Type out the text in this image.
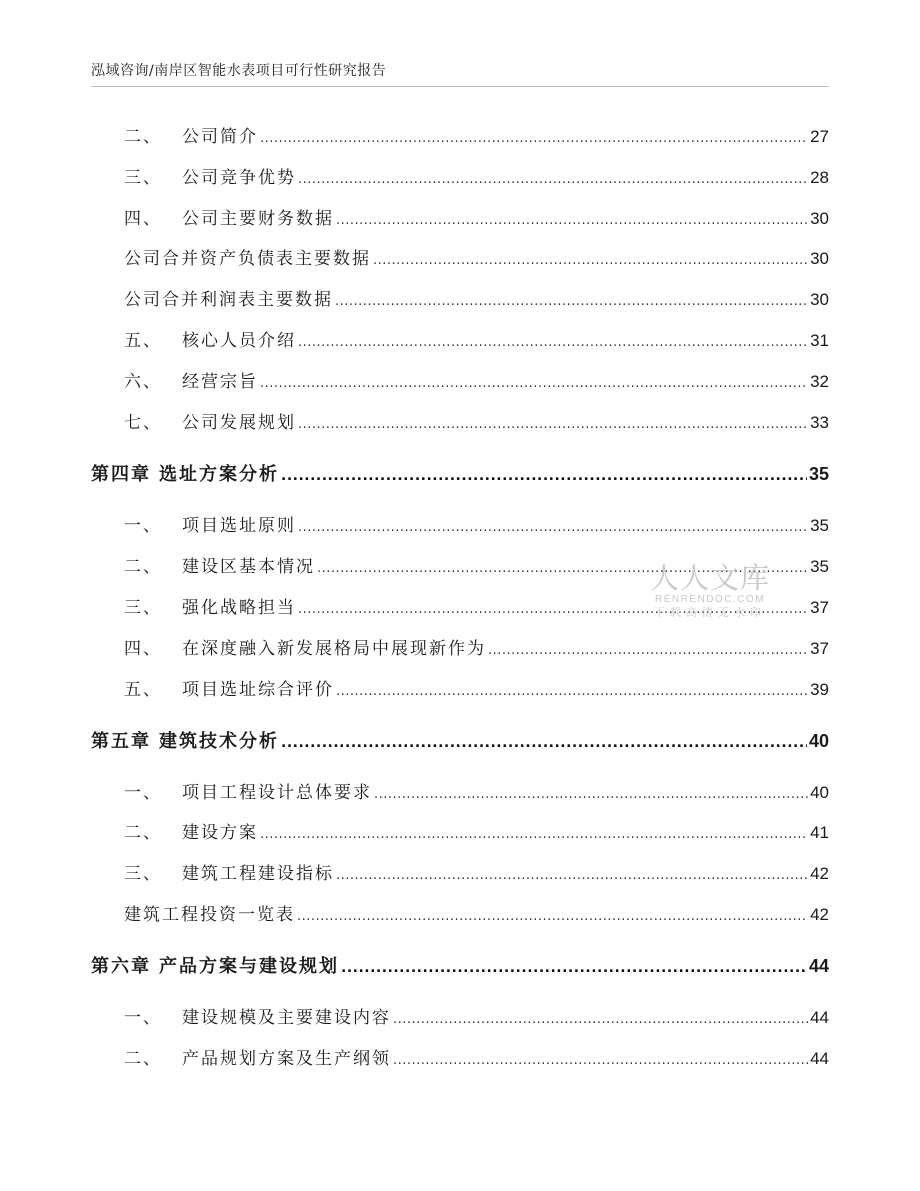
泓域咨询/南岸区智能水表项目可行性研究报告
二、 公司简介 .....	27
三、 公司竞争优势 .....	28
四、 公司主要财务数据 .....	30
公司合并资产负债表主要数据 .....	30
公司合并利润表主要数据 .....	30
五、 核心人员介绍 .....	31
六、 经营宗旨 .....	32
七、 公司发展规划 .....	33
第四章 选址方案分析 .....	35
一、 项目选址原则 .....	35
二、 建设区基本情况 .....	35
三、 强化战略担当 .....	37
四、 在深度融入新发展格局中展现新作为 .....	37
五、 项目选址综合评价 .....	39
第五章 建筑技术分析 .....	40
一、 项目工程设计总体要求 .....	40
二、 建设方案 .....	41
三、 建筑工程建设指标 .....	42
建筑工程投资一览表 .....	42
第六章 产品方案与建设规划 .....	44
一、 建设规模及主要建设内容 .....	44
二、 产品规划方案及生产纲领 .....	44
人人文库
RENRENDOC.COM
下载高清无水印
